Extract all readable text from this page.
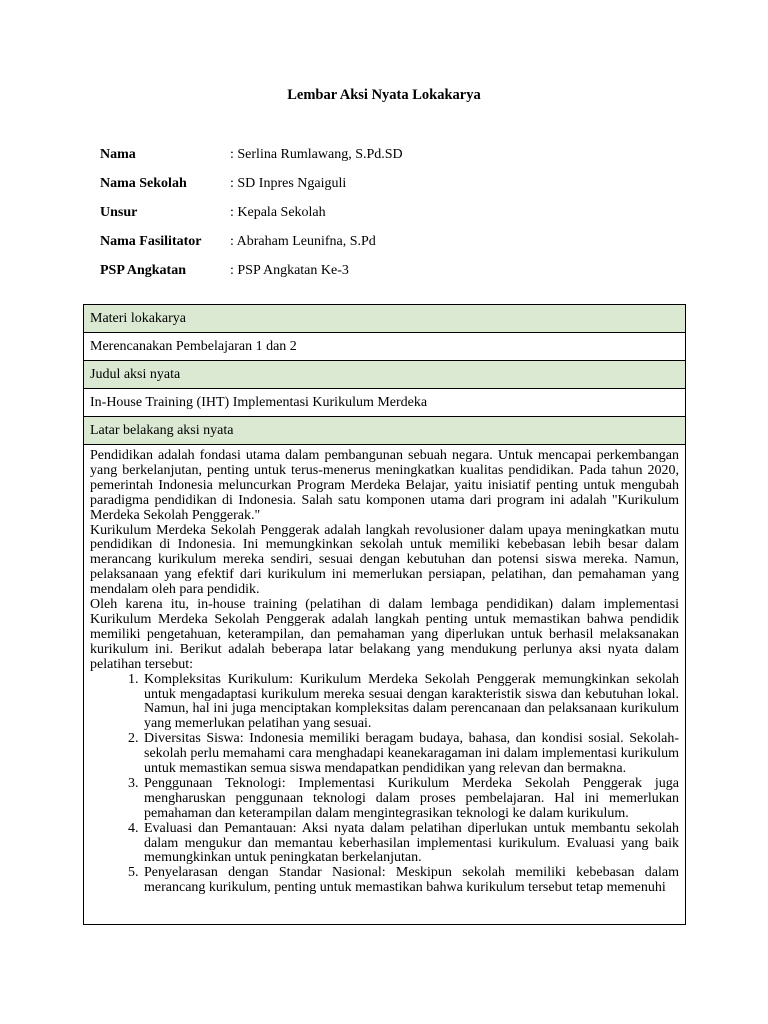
Lembar Aksi Nyata Lokakarya
Nama	: Serlina Rumlawang, S.Pd.SD
Nama Sekolah	: SD Inpres Ngaiguli
Unsur	: Kepala Sekolah
Nama Fasilitator	: Abraham Leunifna, S.Pd
PSP Angkatan	: PSP Angkatan Ke-3
Materi lokakarya
Merencanakan Pembelajaran 1 dan 2
Judul aksi nyata
In-House Training (IHT) Implementasi Kurikulum Merdeka
Latar belakang aksi nyata

Pendidikan adalah fondasi utama dalam pembangunan sebuah negara. Untuk mencapai perkembangan yang berkelanjutan, penting untuk terus-menerus meningkatkan kualitas pendidikan. Pada tahun 2020, pemerintah Indonesia meluncurkan Program Merdeka Belajar, yaitu inisiatif penting untuk mengubah paradigma pendidikan di Indonesia. Salah satu komponen utama dari program ini adalah "Kurikulum Merdeka Sekolah Penggerak."

Kurikulum Merdeka Sekolah Penggerak adalah langkah revolusioner dalam upaya meningkatkan mutu pendidikan di Indonesia. Ini memungkinkan sekolah untuk memiliki kebebasan lebih besar dalam merancang kurikulum mereka sendiri, sesuai dengan kebutuhan dan potensi siswa mereka. Namun, pelaksanaan yang efektif dari kurikulum ini memerlukan persiapan, pelatihan, dan pemahaman yang mendalam oleh para pendidik.

Oleh karena itu, in-house training (pelatihan di dalam lembaga pendidikan) dalam implementasi Kurikulum Merdeka Sekolah Penggerak adalah langkah penting untuk memastikan bahwa pendidik memiliki pengetahuan, keterampilan, dan pemahaman yang diperlukan untuk berhasil melaksanakan kurikulum ini. Berikut adalah beberapa latar belakang yang mendukung perlunya aksi nyata dalam pelatihan tersebut:

1. Kompleksitas Kurikulum: Kurikulum Merdeka Sekolah Penggerak memungkinkan sekolah untuk mengadaptasi kurikulum mereka sesuai dengan karakteristik siswa dan kebutuhan lokal. Namun, hal ini juga menciptakan kompleksitas dalam perencanaan dan pelaksanaan kurikulum yang memerlukan pelatihan yang sesuai.
2. Diversitas Siswa: Indonesia memiliki beragam budaya, bahasa, dan kondisi sosial. Sekolah-sekolah perlu memahami cara menghadapi keanekaragaman ini dalam implementasi kurikulum untuk memastikan semua siswa mendapatkan pendidikan yang relevan dan bermakna.
3. Penggunaan Teknologi: Implementasi Kurikulum Merdeka Sekolah Penggerak juga mengharuskan penggunaan teknologi dalam proses pembelajaran. Hal ini memerlukan pemahaman dan keterampilan dalam mengintegrasikan teknologi ke dalam kurikulum.
4. Evaluasi dan Pemantauan: Aksi nyata dalam pelatihan diperlukan untuk membantu sekolah dalam mengukur dan memantau keberhasilan implementasi kurikulum. Evaluasi yang baik memungkinkan untuk peningkatan berkelanjutan.
5. Penyelarasan dengan Standar Nasional: Meskipun sekolah memiliki kebebasan dalam merancang kurikulum, penting untuk memastikan bahwa kurikulum tersebut tetap memenuhi
